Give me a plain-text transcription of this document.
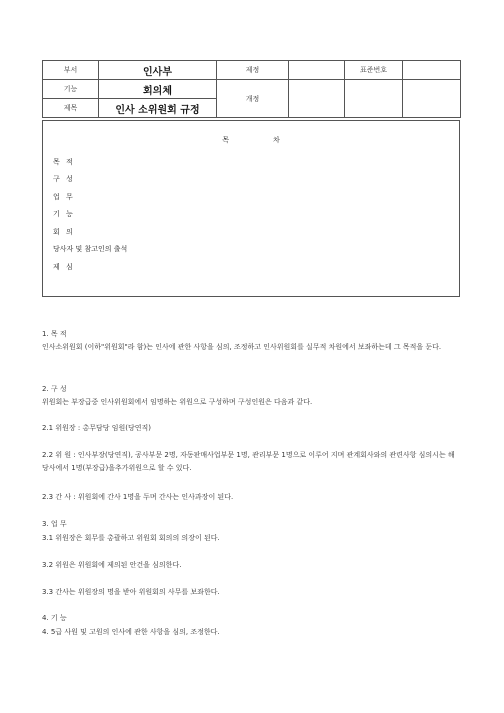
부서	인사부	제정		표준번호	
기능	회의체	개정			
제목	인사 소위원회 규정				
목차
목 적
구 성
업 무
기 능
회 의
당사자 및 참고인의 출석
제 심
1. 목 적
인사소위원회 (이하"위원회"라 함)는 인사에 관한 사항을 심의, 조정하고 인사위원회를 실무적 차원에서 보좌하는데 그 목적을 둔다.
2. 구 성
위원회는 부장급중 인사위원회에서 임명하는 위원으로 구성하며 구성인원은 다음과 같다.
2.1 위원장 : 총무담당 임원(당연직)
2.2 위 원 : 인사부장(당연직), 공사부문 2명, 자동판매사업부문 1명, 관리부문 1명으로 이루어 지며 관계회사와의 관련사항 심의시는 해 당사에서 1명(부장급)을추가위원으로 할 수 있다.
2.3 간 사 : 위원회에 간사 1명을 두며 간사는 인사과장이 된다.
3. 업 무
3.1 위원장은 회무를 총괄하고 위원회 회의의 의장이 된다.
3.2 위원은 위원회에 제의된 안건을 심의한다.
3.3 간사는 위원장의 명을 받아 위원회의 사무를 보좌한다.
4. 기 능
4. 5급 사원 및 고원의 인사에 관한 사항을 심의, 조정한다.
